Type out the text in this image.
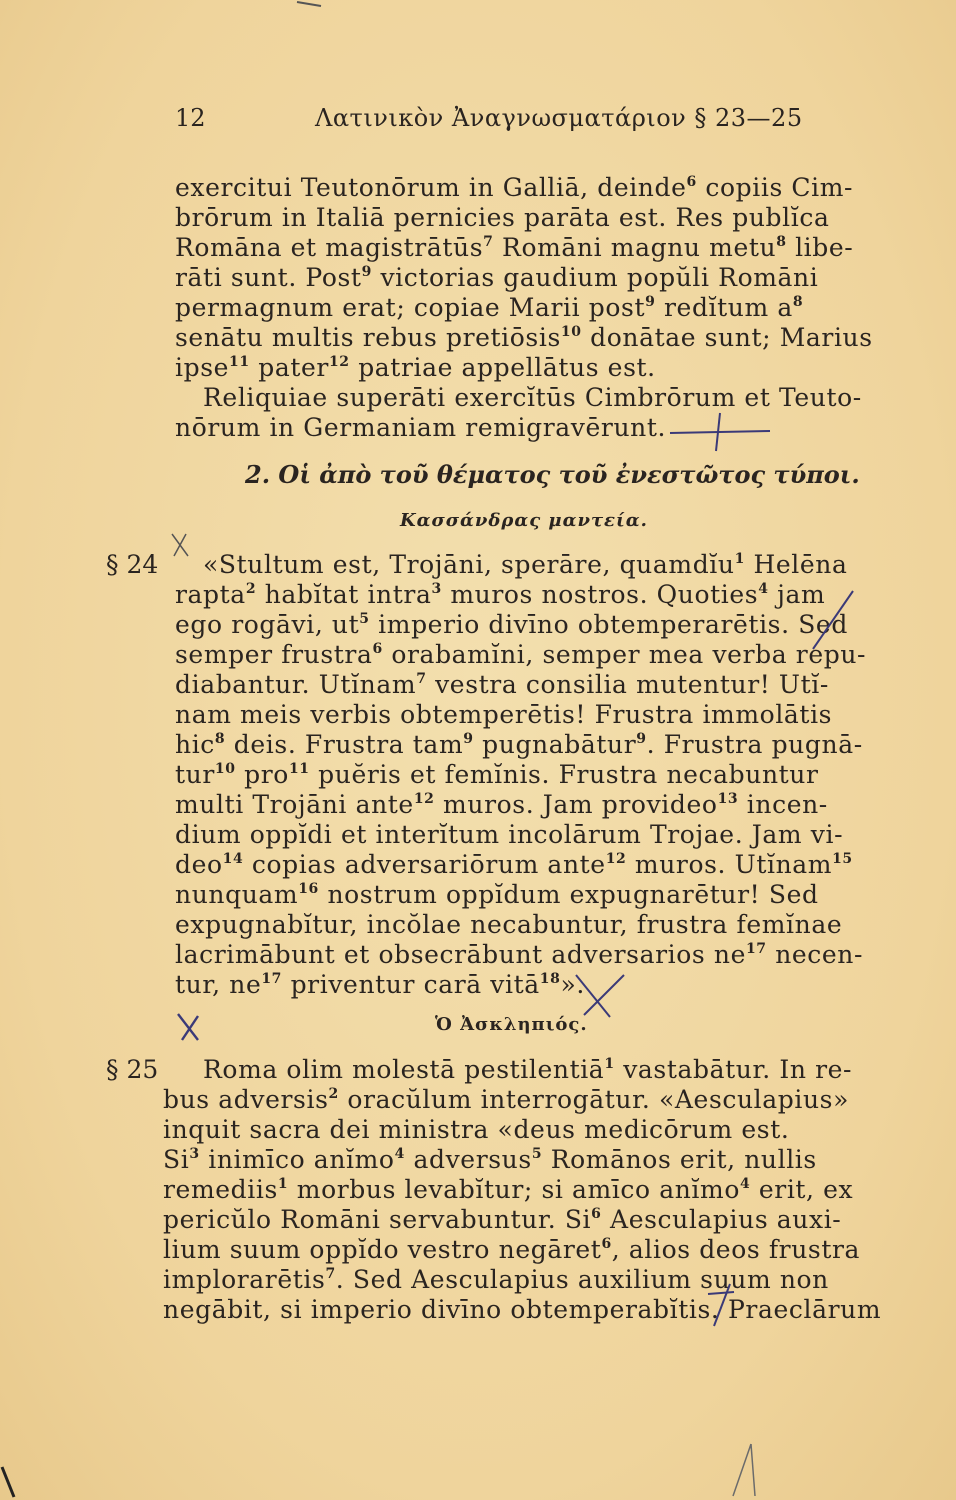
12	Λατινικὸν Ἀναγνωσματάριον § 23—25
exercitui Teutonōrum in Galliā, deinde$^6$ copiis Cim-
brōrum in Italiā pernicies parāta est. Res publĭca
Romāna et magistrātūs$^7$ Romāni magnu metu$^8$ libe-
rāti sunt. Post$^9$ victorias gaudium popŭli Romāni
permagnum erat; copiae Marii post$^9$ redĭtum $a^8$
senātu multis rebus pretiōsis$^{10}$ donātae sunt; Marius
ipse$^{11}$ pater$^{12}$ patriae appellātus est.
Reliquiae superāti exercĭtūs Cimbrōrum et Teuto-
nōrum in Germaniam remigravērunt.
2. Οἱ ἀπὸ τοῦ θέματος τοῦ ἐνεστῶτος τύποι.
Κασσάνδρας μαντεία.
§ 24 «Stultum est, Trojāni, sperāre, quamdĭu$^1$ Helēna
rapta$^2$ habĭtat intra$^3$ muros nostros. Quoties$^4$ jam
ego rogāvi, $ut^5$ imperio divīno obtemperarētis. Sed
semper frustra$^6$ orabamĭni, semper mea verba repu-
diabantur. Utĭnam$^7$ vestra consilia mutentur! Utĭ-
nam meis verbis obtemperētis! Frustra immolātis
hic$^8$ deis. Frustra tam$^9$ pugnabātur$^9$. Frustra pugnā-
tur$^{10}$ pro$^{11}$ puĕris et femĭnis. Frustra necabuntur
multi Trojāni ante$^{12}$ muros. Jam provideo$^{13}$ incen-
dium oppĭdi et interĭtum incolārum Trojae. Jam vi-
deo$^{14}$ copias adversariōrum ante$^{12}$ muros. Utĭnam$^{15}$
nunquam$^{16}$ nostrum oppĭdum expugnarētur! Sed
expugnabĭtur, incŏlae necabuntur, frustra femĭnae
lacrimābunt et obsecrābunt adversarios $ne^{17}$ necen-
tur, $ne^{17}$ priventur carā vitā$^{18}$».
Ὁ Ἀσκληπιός.
§ 25 Roma olim molestā pestilentiā$^1$ vastabātur. In re-
bus adversis$^2$ oracŭlum interrogātur. «Aesculapius»
inquit sacra dei ministra «deus medicōrum est.
Si$^3$ inimīco anĭmo$^4$ adversus$^5$ Romānos erit, nullis
remediis$^1$ morbus levabĭtur; si amīco anĭmo$^4$ erit, ex
pericŭlo Romāni servabuntur. Si$^6$ Aesculapius auxi-
lium suum oppĭdo vestro negāret$^6$, alios deos frustra
implorarētis$^7$. Sed Aesculapius auxilium suum non
negābit, si imperio divīno obtemperabĭtis. Praeclārum
